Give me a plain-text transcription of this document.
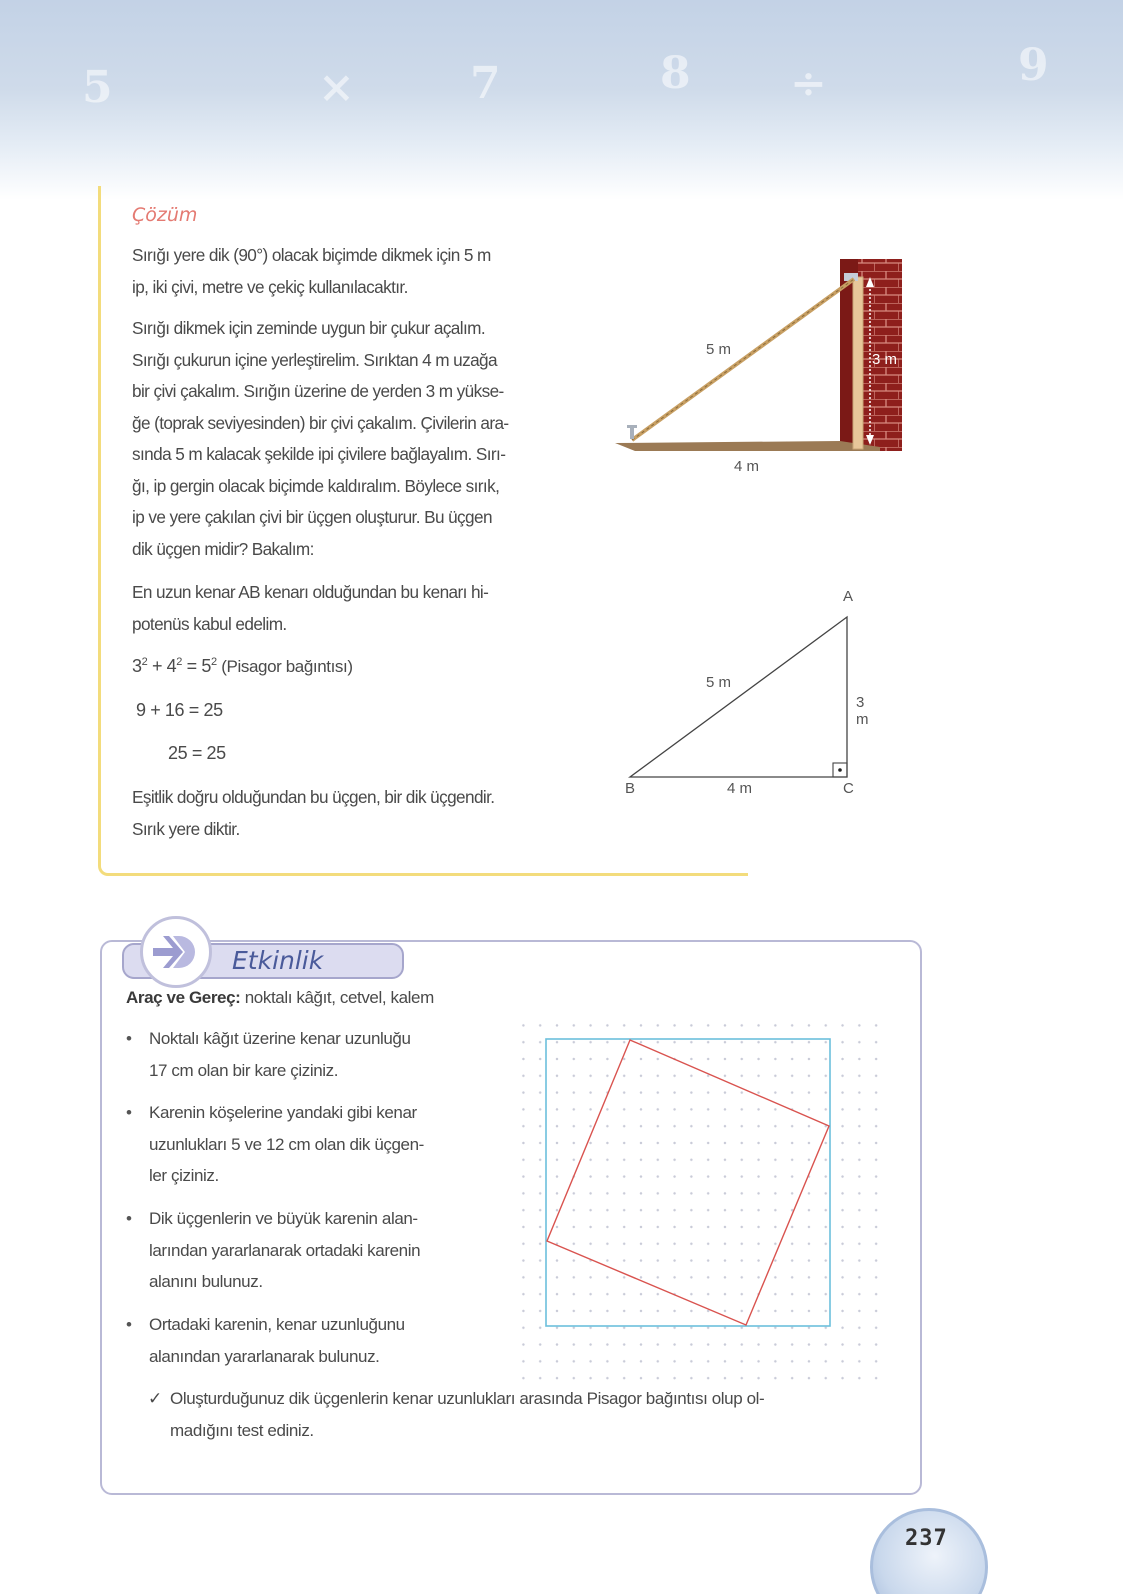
5	×	7	8 ÷	9
Çözüm
Sırığı yere dik (90°) olacak biçimde dikmek için 5 m
ip, iki çivi, metre ve çekiç kullanılacaktır.
Sırığı dikmek için zeminde uygun bir çukur açalım.
Sırığı çukurun içine yerleştirelim. Sırıktan 4 m uzağa
bir çivi çakalım. Sırığın üzerine de yerden 3 m yükse-
ğe (toprak seviyesinden) bir çivi çakalım. Çivilerin ara-
sında 5 m kalacak şekilde ipi çivilere bağlayalım. Sırı-
ğı, ip gergin olacak biçimde kaldıralım. Böylece sırık,
ip ve yere çakılan çivi bir üçgen oluşturur. Bu üçgen
dik üçgen midir? Bakalım:
En uzun kenar AB kenarı olduğundan bu kenarı hi-
potenüs kabul edelim.
$3^2 + 4^2 = 5^2$ (Pisagor bağıntısı)
9 + 16 = 25
25 = 25
Eşitlik doğru olduğundan bu üçgen, bir dik üçgendir.
Sırık yere diktir.
5 m
4 m
3 m
A
B	C
5 m
3 m
4 m
Etkinlik
Araç ve Gereç: noktalı kâğıt, cetvel, kalem
• Noktalı kâğıt üzerine kenar uzunluğu
17 cm olan bir kare çiziniz.
• Karenin köşelerine yandaki gibi kenar
uzunlukları 5 ve 12 cm olan dik üçgen-
ler çiziniz.
• Dik üçgenlerin ve büyük karenin alan-
larından yararlanarak ortadaki karenin
alanını bulunuz.
• Ortadaki karenin, kenar uzunluğunu
alanından yararlanarak bulunuz.
✓ Oluşturduğunuz dik üçgenlerin kenar uzunlukları arasında Pisagor bağıntısı olup ol-
madığını test ediniz.
237
